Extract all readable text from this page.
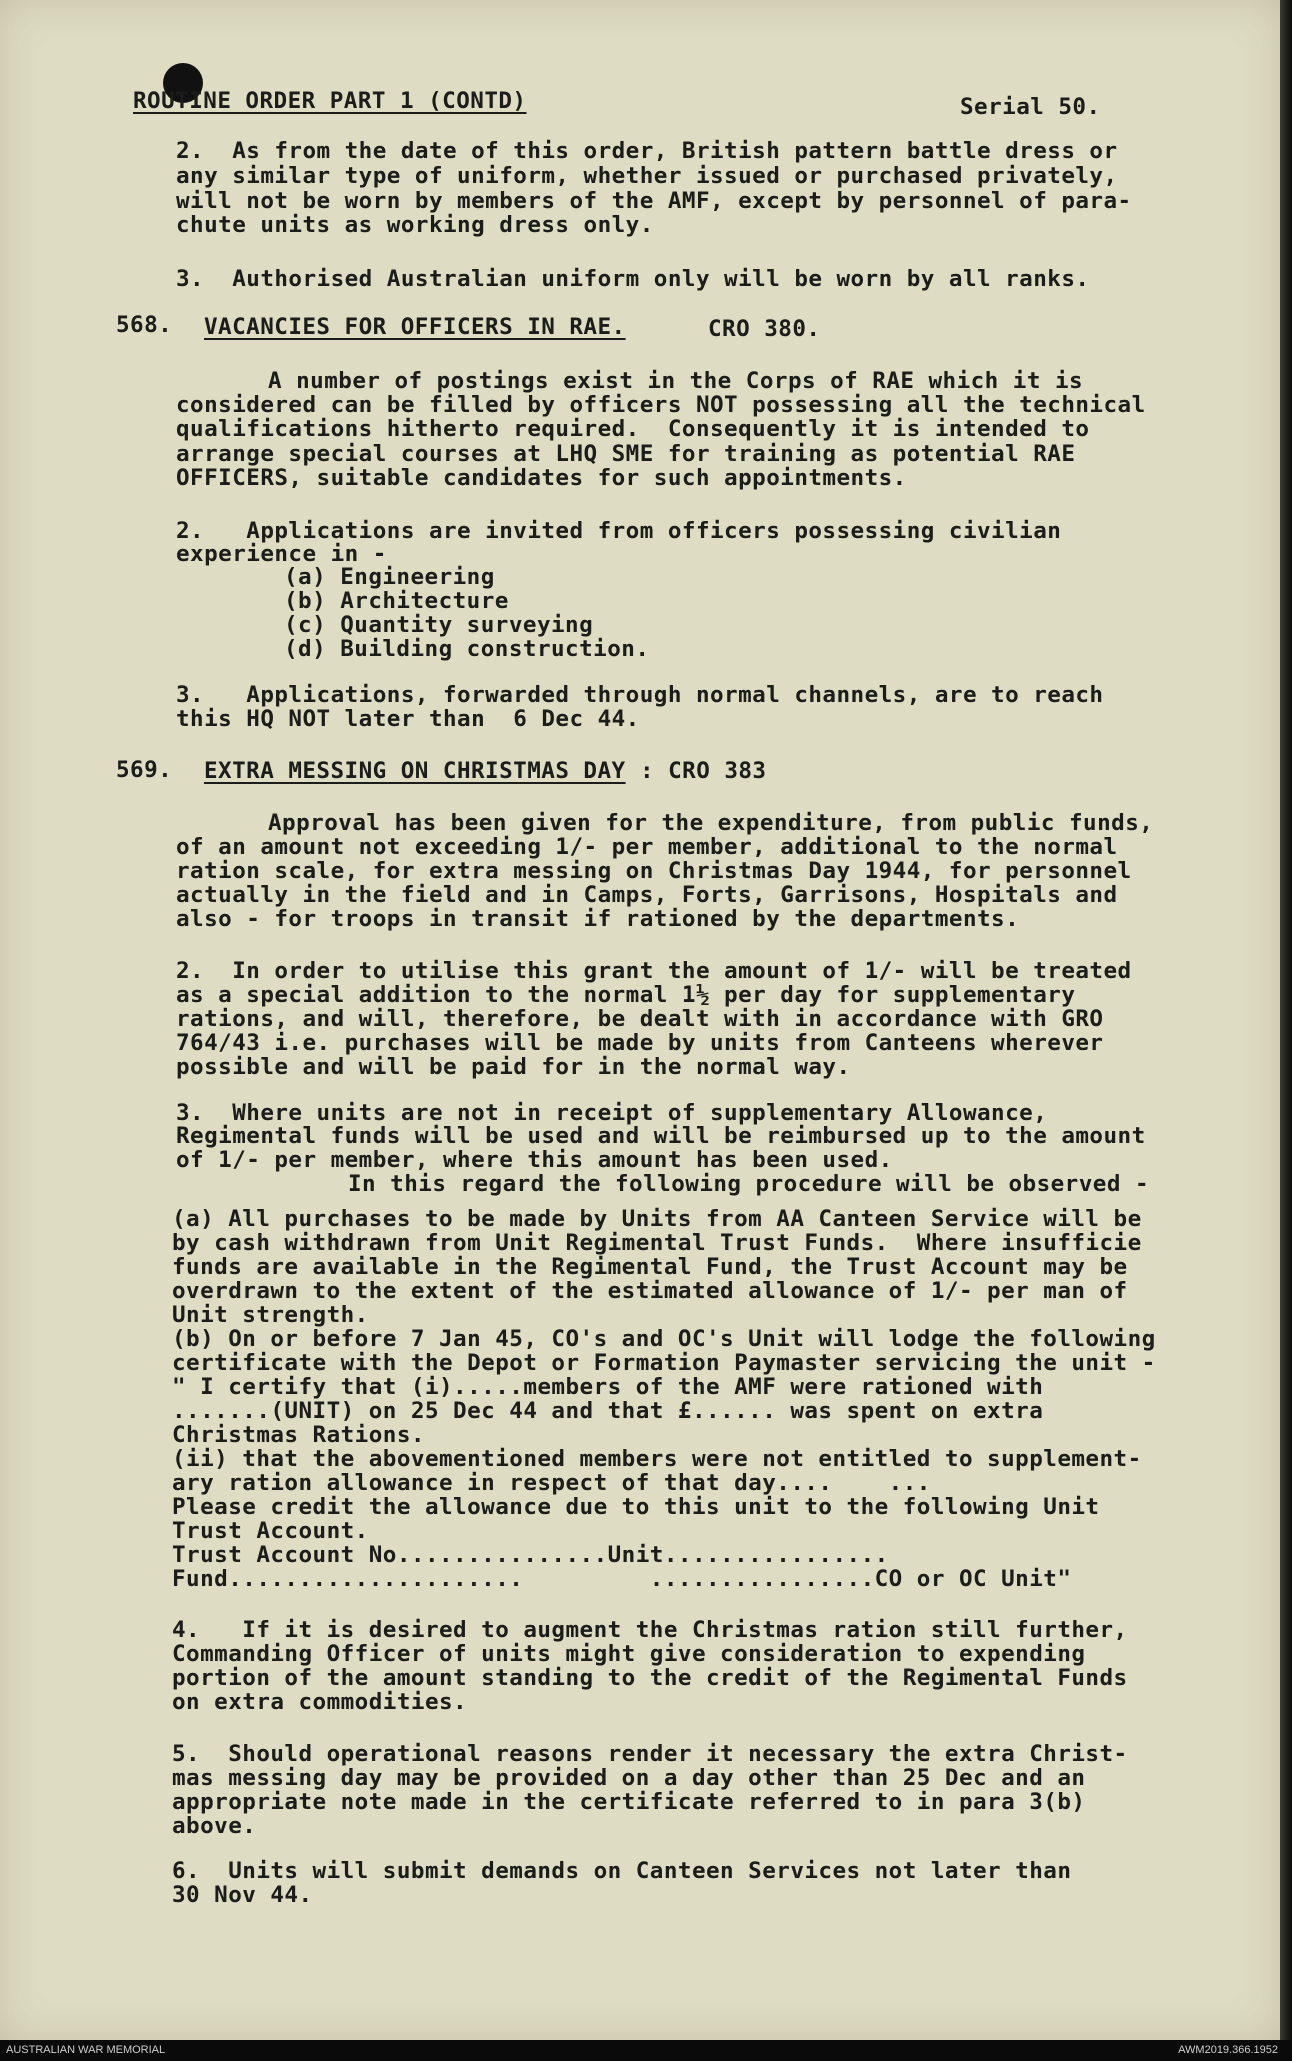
ROUTINE ORDER PART 1 (CONTD)	Serial 50.
2.  As from the date of this order, British pattern battle dress or
any similar type of uniform, whether issued or purchased privately,
will not be worn by members of the AMF, except by personnel of para-
chute units as working dress only.
3.  Authorised Australian uniform only will be worn by all ranks.
568. VACANCIES FOR OFFICERS IN RAE.	CRO 380.
A number of postings exist in the Corps of RAE which it is
considered can be filled by officers NOT possessing all the technical
qualifications hitherto required.  Consequently it is intended to
arrange special courses at LHQ SME for training as potential RAE
OFFICERS, suitable candidates for such appointments.
2.   Applications are invited from officers possessing civilian
experience in -
(a) Engineering
(b) Architecture
(c) Quantity surveying
(d) Building construction.
3.   Applications, forwarded through normal channels, are to reach
this HQ NOT later than  6 Dec 44.
569. EXTRA MESSING ON CHRISTMAS DAY : CRO 383
Approval has been given for the expenditure, from public funds,
of an amount not exceeding 1/- per member, additional to the normal
ration scale, for extra messing on Christmas Day 1944, for personnel
actually in the field and in Camps, Forts, Garrisons, Hospitals and
also - for troops in transit if rationed by the departments.
2.  In order to utilise this grant the amount of 1/- will be treated
as a special addition to the normal 1½ per day for supplementary
rations, and will, therefore, be dealt with in accordance with GRO
764/43 i.e. purchases will be made by units from Canteens wherever
possible and will be paid for in the normal way.
3.  Where units are not in receipt of supplementary Allowance,
Regimental funds will be used and will be reimbursed up to the amount
of 1/- per member, where this amount has been used.
In this regard the following procedure will be observed -
(a) All purchases to be made by Units from AA Canteen Service will be
by cash withdrawn from Unit Regimental Trust Funds.  Where insufficie
funds are available in the Regimental Fund, the Trust Account may be
overdrawn to the extent of the estimated allowance of 1/- per man of
Unit strength.
(b) On or before 7 Jan 45, CO's and OC's Unit will lodge the following
certificate with the Depot or Formation Paymaster servicing the unit -
" I certify that (i).....members of the AMF were rationed with
.......(UNIT) on 25 Dec 44 and that £...... was spent on extra
Christmas Rations.
(ii) that the abovementioned members were not entitled to supplement-
ary ration allowance in respect of that day....    ...
Please credit the allowance due to this unit to the following Unit
Trust Account.
Trust Account No...............Unit................
Fund.....................         ................CO or OC Unit"
4.   If it is desired to augment the Christmas ration still further,
Commanding Officer of units might give consideration to expending
portion of the amount standing to the credit of the Regimental Funds
on extra commodities.
5.  Should operational reasons render it necessary the extra Christ-
mas messing day may be provided on a day other than 25 Dec and an
appropriate note made in the certificate referred to in para 3(b)
above.
6.  Units will submit demands on Canteen Services not later than
30 Nov 44.
AUSTRALIAN WAR MEMORIAL	AWM2019.366.1952
